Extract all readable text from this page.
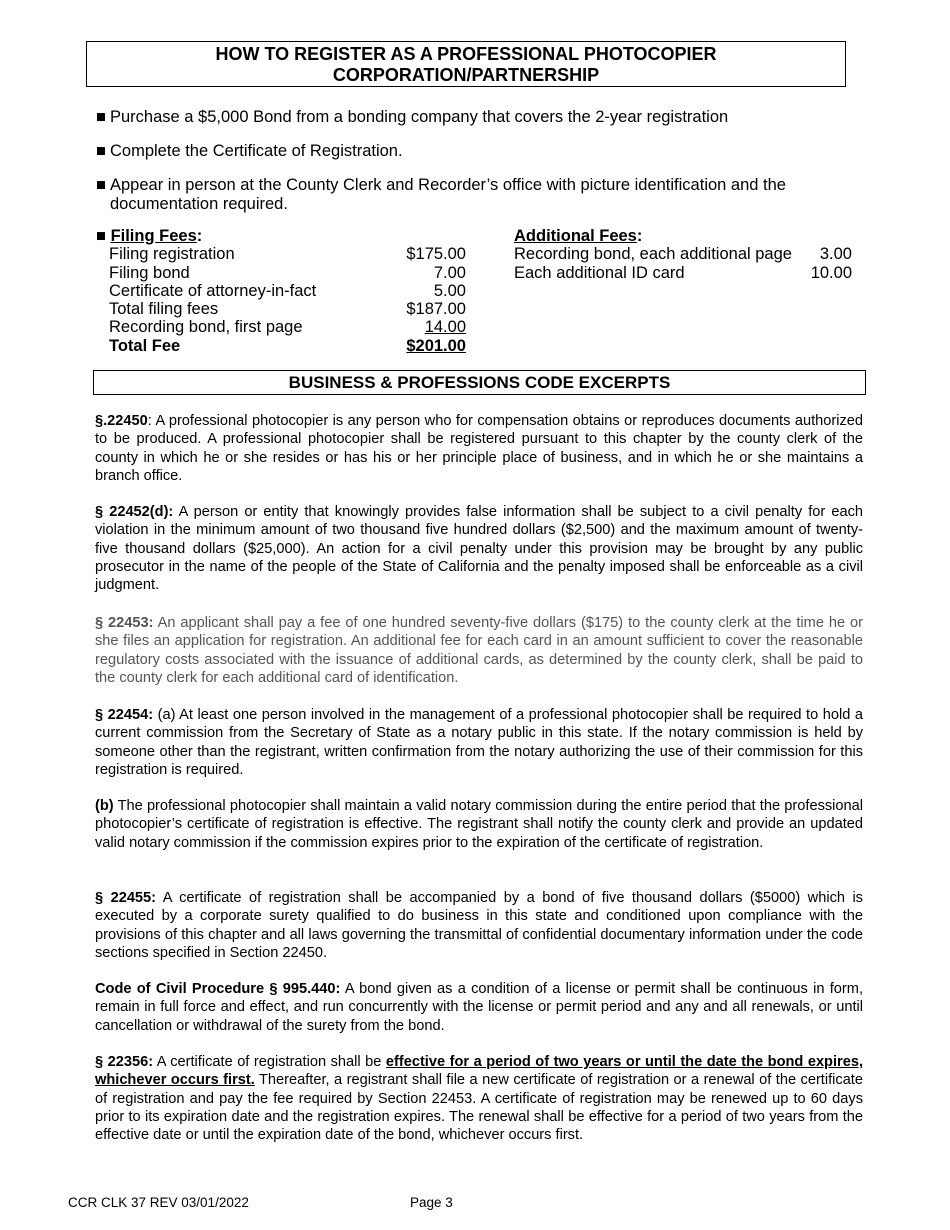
HOW TO REGISTER AS A PROFESSIONAL PHOTOCOPIER
CORPORATION/PARTNERSHIP
■ Purchase a $5,000 Bond from a bonding company that covers the 2-year registration
■ Complete the Certificate of Registration.
■ Appear in person at the County Clerk and Recorder’s office with picture identification and the documentation required.
■ Filing Fees:
Filing registration	$175.00
Filing bond	7.00
Certificate of attorney-in-fact	5.00
Total filing fees	$187.00
Recording bond, first page	14.00
Total Fee	$201.00
Additional Fees:
Recording bond, each additional page	3.00
Each additional ID card	10.00
BUSINESS & PROFESSIONS CODE EXCERPTS
§.22450: A professional photocopier is any person who for compensation obtains or reproduces documents authorized to be produced. A professional photocopier shall be registered pursuant to this chapter by the county clerk of the county in which he or she resides or has his or her principle place of business, and in which he or she maintains a branch office.
§ 22452(d): A person or entity that knowingly provides false information shall be subject to a civil penalty for each violation in the minimum amount of two thousand five hundred dollars ($2,500) and the maximum amount of twenty-five thousand dollars ($25,000). An action for a civil penalty under this provision may be brought by any public prosecutor in the name of the people of the State of California and the penalty imposed shall be enforceable as a civil judgment.
§ 22453: An applicant shall pay a fee of one hundred seventy-five dollars ($175) to the county clerk at the time he or she files an application for registration. An additional fee for each card in an amount sufficient to cover the reasonable regulatory costs associated with the issuance of additional cards, as determined by the county clerk, shall be paid to the county clerk for each additional card of identification.
§ 22454: (a) At least one person involved in the management of a professional photocopier shall be required to hold a current commission from the Secretary of State as a notary public in this state. If the notary commission is held by someone other than the registrant, written confirmation from the notary authorizing the use of their commission for this registration is required.
(b) The professional photocopier shall maintain a valid notary commission during the entire period that the professional photocopier’s certificate of registration is effective. The registrant shall notify the county clerk and provide an updated valid notary commission if the commission expires prior to the expiration of the certificate of registration.
§ 22455: A certificate of registration shall be accompanied by a bond of five thousand dollars ($5000) which is executed by a corporate surety qualified to do business in this state and conditioned upon compliance with the provisions of this chapter and all laws governing the transmittal of confidential documentary information under the code sections specified in Section 22450.
Code of Civil Procedure § 995.440: A bond given as a condition of a license or permit shall be continuous in form, remain in full force and effect, and run concurrently with the license or permit period and any and all renewals, or until cancellation or withdrawal of the surety from the bond.
§ 22356: A certificate of registration shall be effective for a period of two years or until the date the bond expires, whichever occurs first. Thereafter, a registrant shall file a new certificate of registration or a renewal of the certificate of registration and pay the fee required by Section 22453. A certificate of registration may be renewed up to 60 days prior to its expiration date and the registration expires. The renewal shall be effective for a period of two years from the effective date or until the expiration date of the bond, whichever occurs first.
CCR CLK 37 REV 03/01/2022	Page 3
